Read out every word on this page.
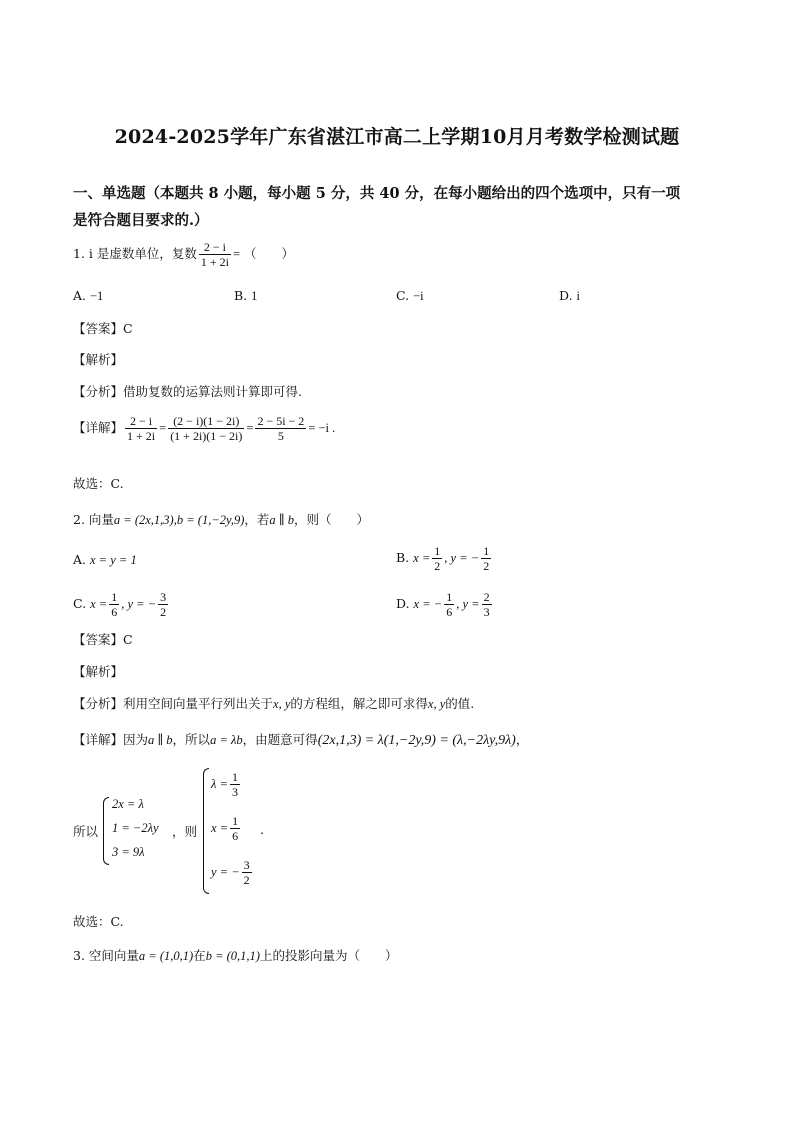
2024-2025学年广东省湛江市高二上学期10月月考数学检测试题
一、单选题（本题共 8 小题，每小题 5 分，共 40 分，在每小题给出的四个选项中，只有一项
是符合题目要求的.）
1. i 是虚数单位，复数 $\frac{2 - i}{1 + 2i}$ = （　　）
A. −1	B. 1	C. −i	D. i
【答案】C
【解析】
【分析】借助复数的运算法则计算即可得.
【详解】 $\frac{2 - i}{1 + 2i} = \frac{(2 - i)(1 - 2i)}{(1 + 2i)(1 - 2i)} = \frac{2 - 5i - 2}{5} = -i$ .
故选：C.
2. 向量a = (2x,1,3),b = (1,−2y,9)，若a ∥ b，则（　　）
A. x = y = 1	B. $x = \frac{1}{2}$ , y = − $\frac{1}{2}$
C. $x = \frac{1}{6}$ , y = − $\frac{3}{2}$	D. x = − $\frac{1}{6}$ , $y = \frac{2}{3}$
【答案】C
【解析】
【分析】利用空间向量平行列出关于x, y的方程组，解之即可求得x, y的值.
【详解】因为a ∥ b，所以a = λb，由题意可得(2x,1,3) = λ(1,−2y,9) = (λ,−2λy,9λ)，
所以
2x = λ
1 = −2λy
3 = 9λ
，则
$\lambda = \frac{1}{3}$
$x = \frac{1}{6}$
y = − $\frac{3}{2}$
.
故选：C.
3. 空间向量a = (1,0,1)在b = (0,1,1)上的投影向量为（　　）
